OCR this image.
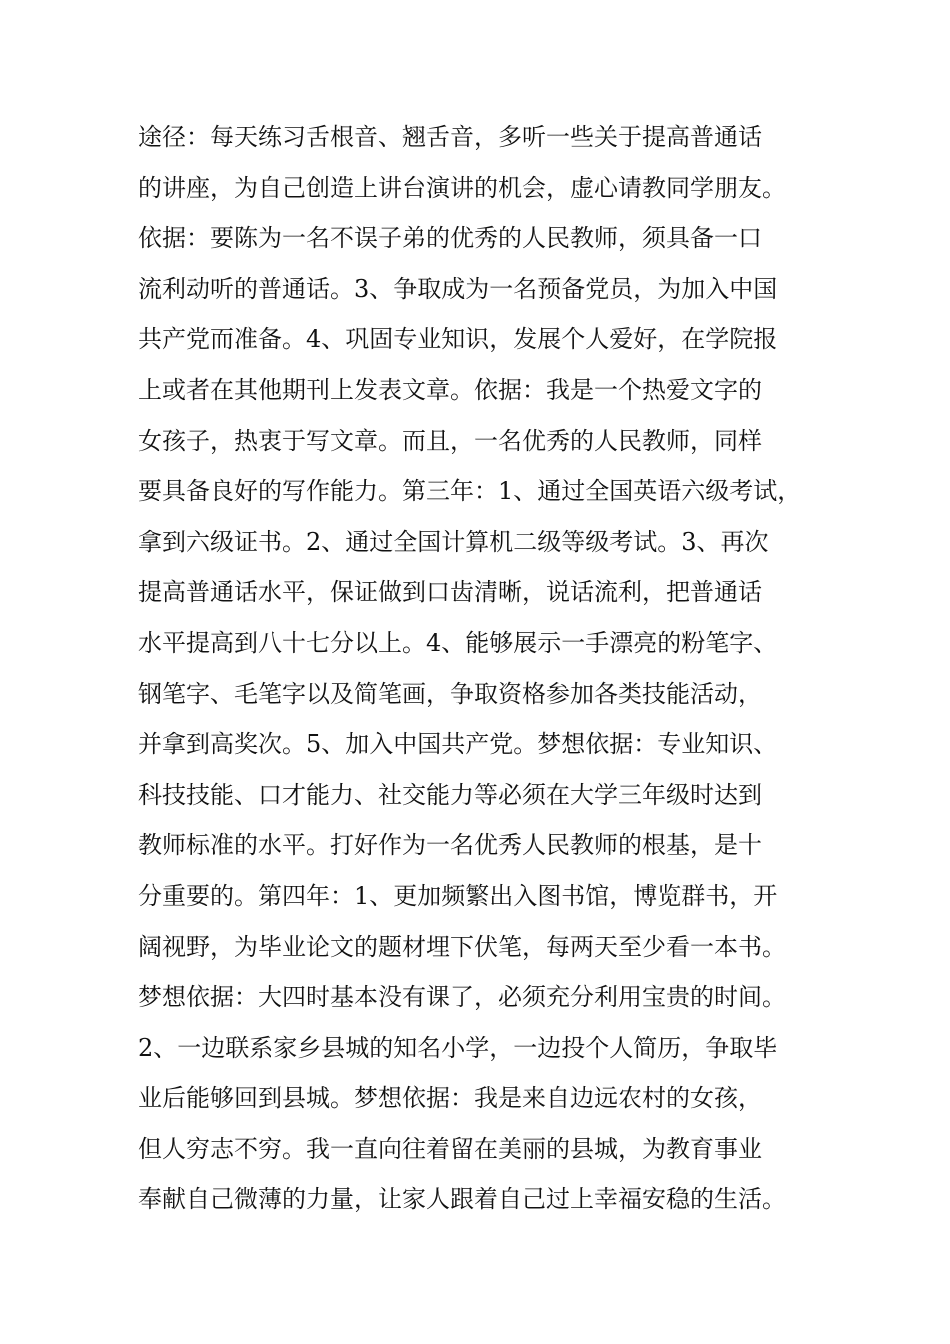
途径：每天练习舌根音、翘舌音，多听一些关于提高普通话
的讲座，为自己创造上讲台演讲的机会，虚心请教同学朋友。
依据：要陈为一名不误子弟的优秀的人民教师，须具备一口
流利动听的普通话。3、争取成为一名预备党员，为加入中国
共产党而准备。4、巩固专业知识，发展个人爱好，在学院报
上或者在其他期刊上发表文章。依据：我是一个热爱文字的
女孩子，热衷于写文章。而且，一名优秀的人民教师，同样
要具备良好的写作能力。第三年：1、通过全国英语六级考试，
拿到六级证书。2、通过全国计算机二级等级考试。3、再次
提高普通话水平，保证做到口齿清晰，说话流利，把普通话
水平提高到八十七分以上。4、能够展示一手漂亮的粉笔字、
钢笔字、毛笔字以及简笔画，争取资格参加各类技能活动，
并拿到高奖次。5、加入中国共产党。梦想依据：专业知识、
科技技能、口才能力、社交能力等必须在大学三年级时达到
教师标准的水平。打好作为一名优秀人民教师的根基，是十
分重要的。第四年：1、更加频繁出入图书馆，博览群书，开
阔视野，为毕业论文的题材埋下伏笔，每两天至少看一本书。
梦想依据：大四时基本没有课了，必须充分利用宝贵的时间。
2、一边联系家乡县城的知名小学，一边投个人简历，争取毕
业后能够回到县城。梦想依据：我是来自边远农村的女孩，
但人穷志不穷。我一直向往着留在美丽的县城，为教育事业
奉献自己微薄的力量，让家人跟着自己过上幸福安稳的生活。
